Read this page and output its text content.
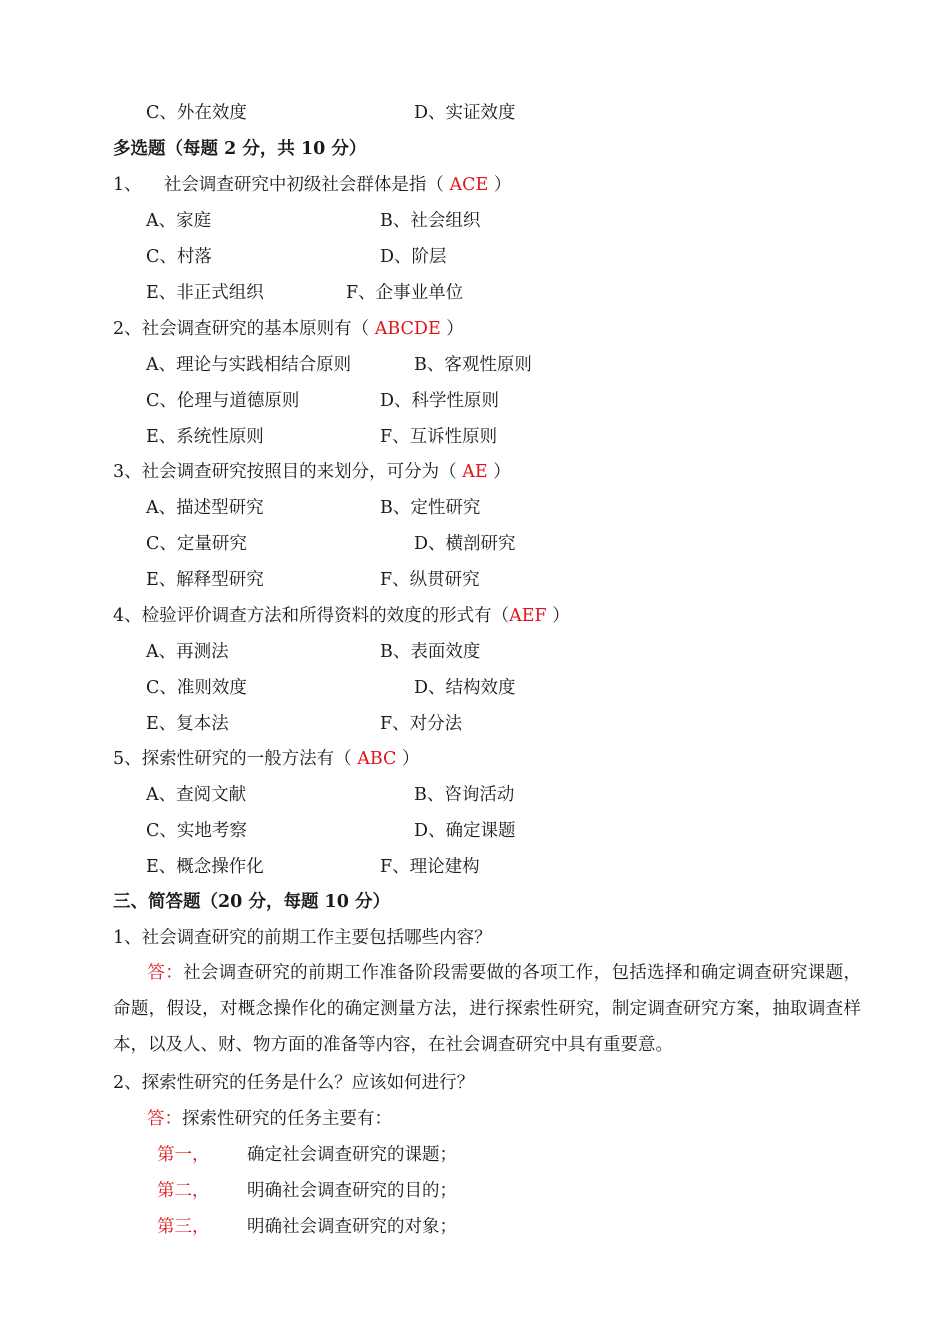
C、外在效度	D、实证效度
多选题（每题 2 分，共 10 分）
1、    社会调查研究中初级社会群体是指（ ACE ）
A、家庭	B、社会组织
C、村落	D、阶层
E、非正式组织	F、企事业单位
2、社会调查研究的基本原则有（ ABCDE ）
A、理论与实践相结合原则	B、客观性原则
C、伦理与道德原则	D、科学性原则
E、系统性原则	F、互诉性原则
3、社会调查研究按照目的来划分，可分为（ AE ）
A、描述型研究	B、定性研究
C、定量研究	D、横剖研究
E、解释型研究	F、纵贯研究
4、检验评价调查方法和所得资料的效度的形式有（AEF ）
A、再测法	B、表面效度
C、准则效度	D、结构效度
E、复本法	F、对分法
5、探索性研究的一般方法有（ ABC ）
A、查阅文献	B、咨询活动
C、实地考察	D、确定课题
E、概念操作化	F、理论建构
三、简答题（20 分，每题 10 分）
1、社会调查研究的前期工作主要包括哪些内容？
答：社会调查研究的前期工作准备阶段需要做的各项工作，包括选择和确定调查研究课题，命题，假设，对概念操作化的确定测量方法，进行探索性研究，制定调查研究方案，抽取调查样本，以及人、财、物方面的准备等内容，在社会调查研究中具有重要意。
2、探索性研究的任务是什么？应该如何进行？
答：探索性研究的任务主要有：
第一， 确定社会调查研究的课题；
第二， 明确社会调查研究的目的；
第三， 明确社会调查研究的对象；
